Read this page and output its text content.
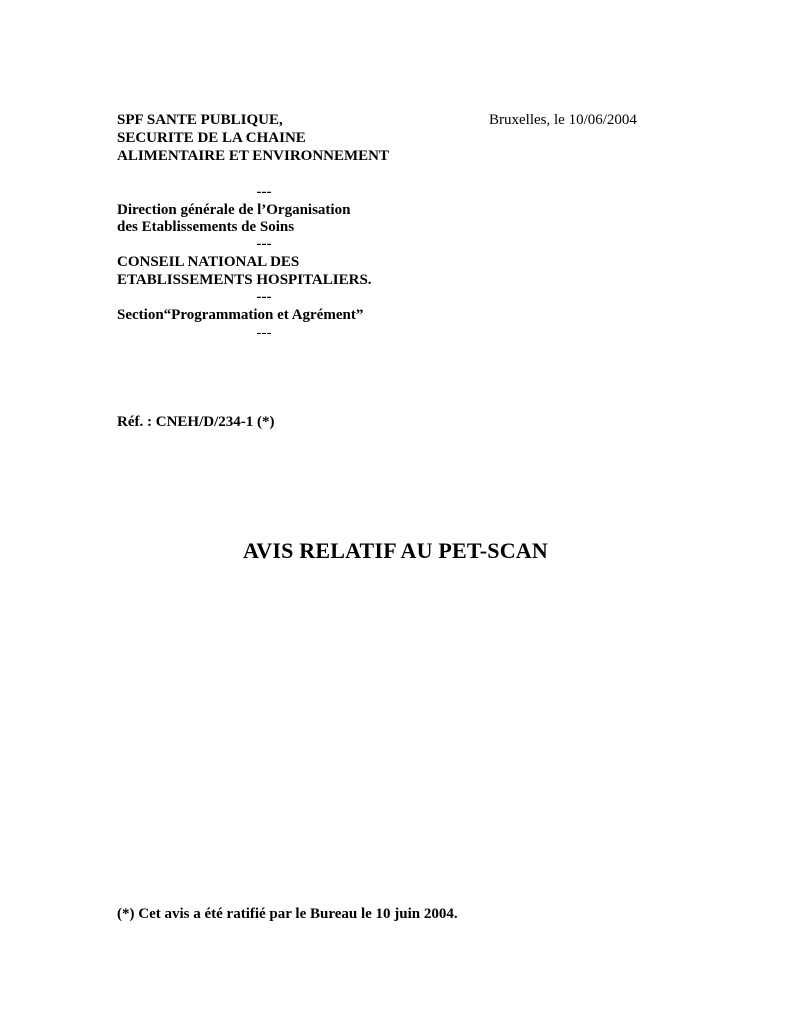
SPF SANTE PUBLIQUE,	Bruxelles, le 10/06/2004
SECURITE DE LA CHAINE
ALIMENTAIRE ET ENVIRONNEMENT
---
Direction générale de l’Organisation
des Etablissements de Soins
---
CONSEIL NATIONAL DES
ETABLISSEMENTS HOSPITALIERS.
---
Section“Programmation et Agrément”
---
Réf. : CNEH/D/234-1 (*)
AVIS RELATIF AU PET-SCAN
(*) Cet avis a été ratifié par le Bureau le 10 juin 2004.
